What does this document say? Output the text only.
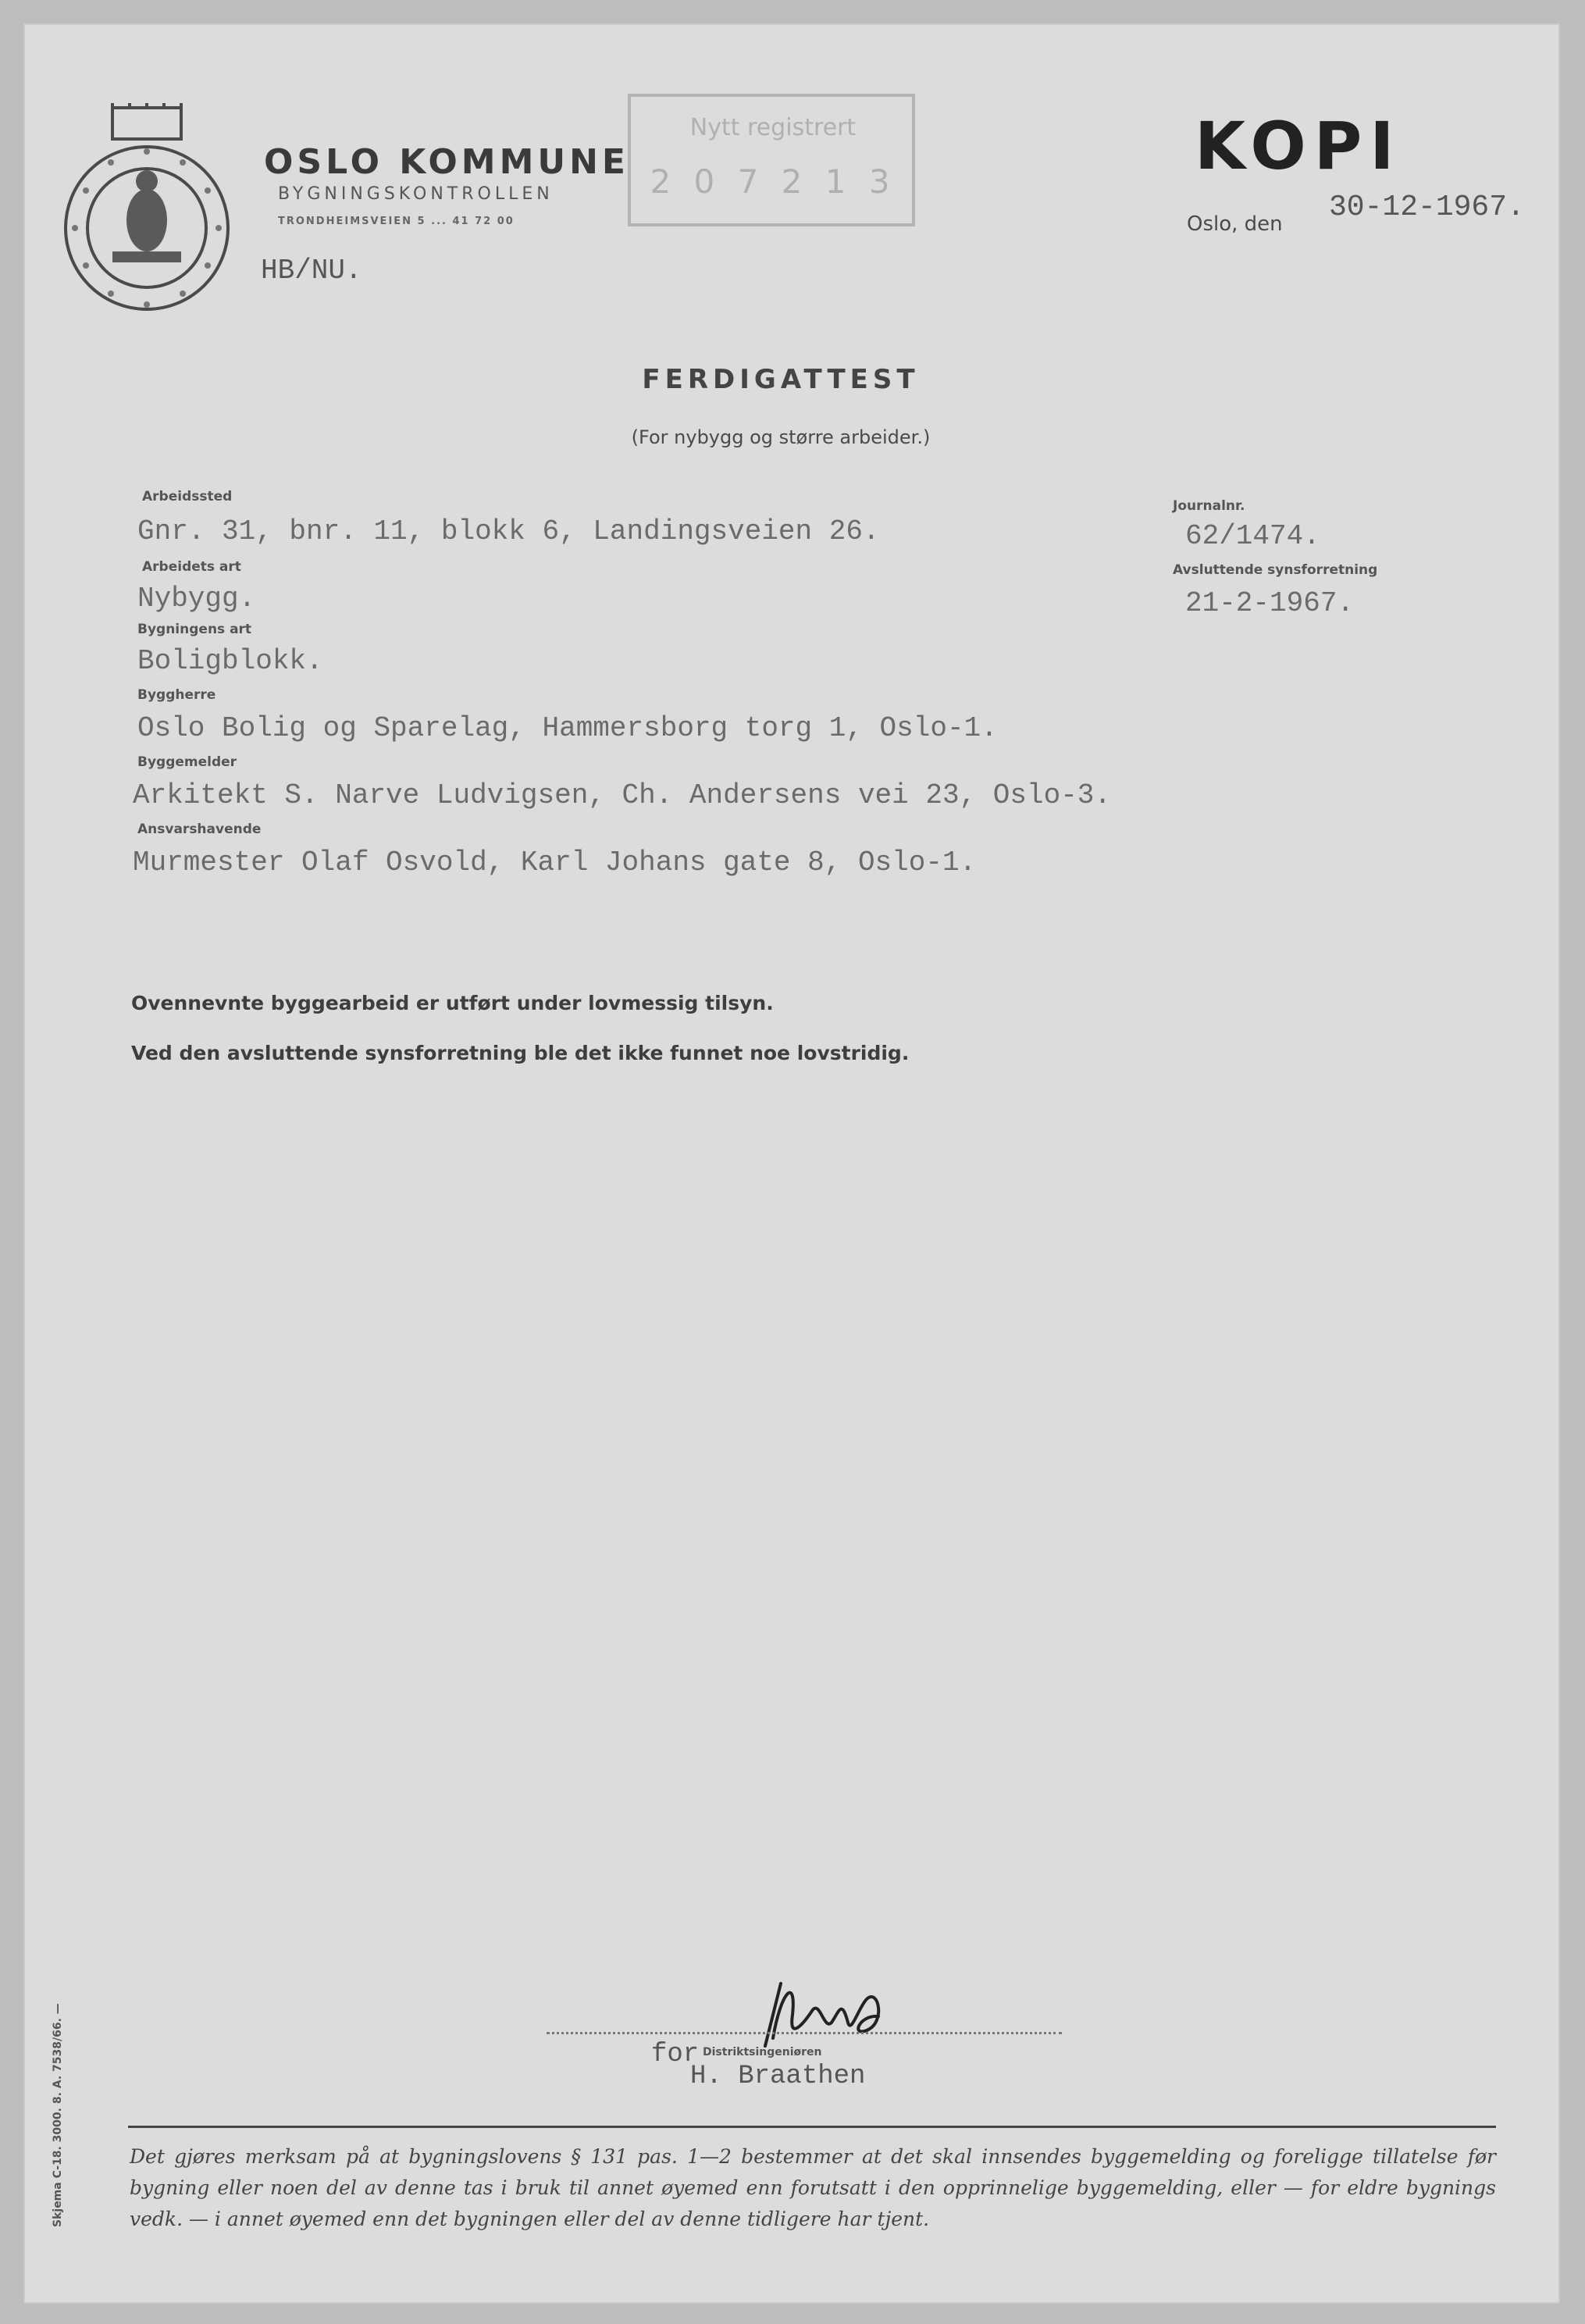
OSLO KOMMUNE
BYGNINGSKONTROLLEN
TRONDHEIMSVEIEN 5 ... 41 72 00
HB/NU.
Nytt registrert
2 0 7 2 1 3	KOPI
30-12-1967.
Oslo, den
FERDIGATTEST
(For nybygg og større arbeider.)
Arbeidssted
Gnr. 31, bnr. 11, blokk 6, Landingsveien 26.
Arbeidets art
Nybygg.
Bygningens art
Boligblokk.
Byggherre
Oslo Bolig og Sparelag, Hammersborg torg 1, Oslo-1.
Byggemelder
Arkitekt S. Narve Ludvigsen, Ch. Andersens vei 23, Oslo-3.
Ansvarshavende
Murmester Olaf Osvold, Karl Johans gate 8, Oslo-1.
Journalnr.
62/1474.
Avsluttende synsforretning
21-2-1967.
Ovennevnte byggearbeid er utført under lovmessig tilsyn.
Ved den avsluttende synsforretning ble det ikke funnet noe lovstridig.
for Distriktsingeniøren
H. Braathen
Det gjøres merksam på at bygningslovens § 131 pas. 1—2 bestemmer at det skal innsendes byggemelding og foreligge tillatelse før bygning eller noen del av denne tas i bruk til annet øyemed enn forutsatt i den opprinnelige byggemelding, eller — for eldre bygnings vedk. — i annet øyemed enn det bygningen eller del av denne tidligere har tjent.
Skjema C-18. 3000. 8. A. 7538/66. —
